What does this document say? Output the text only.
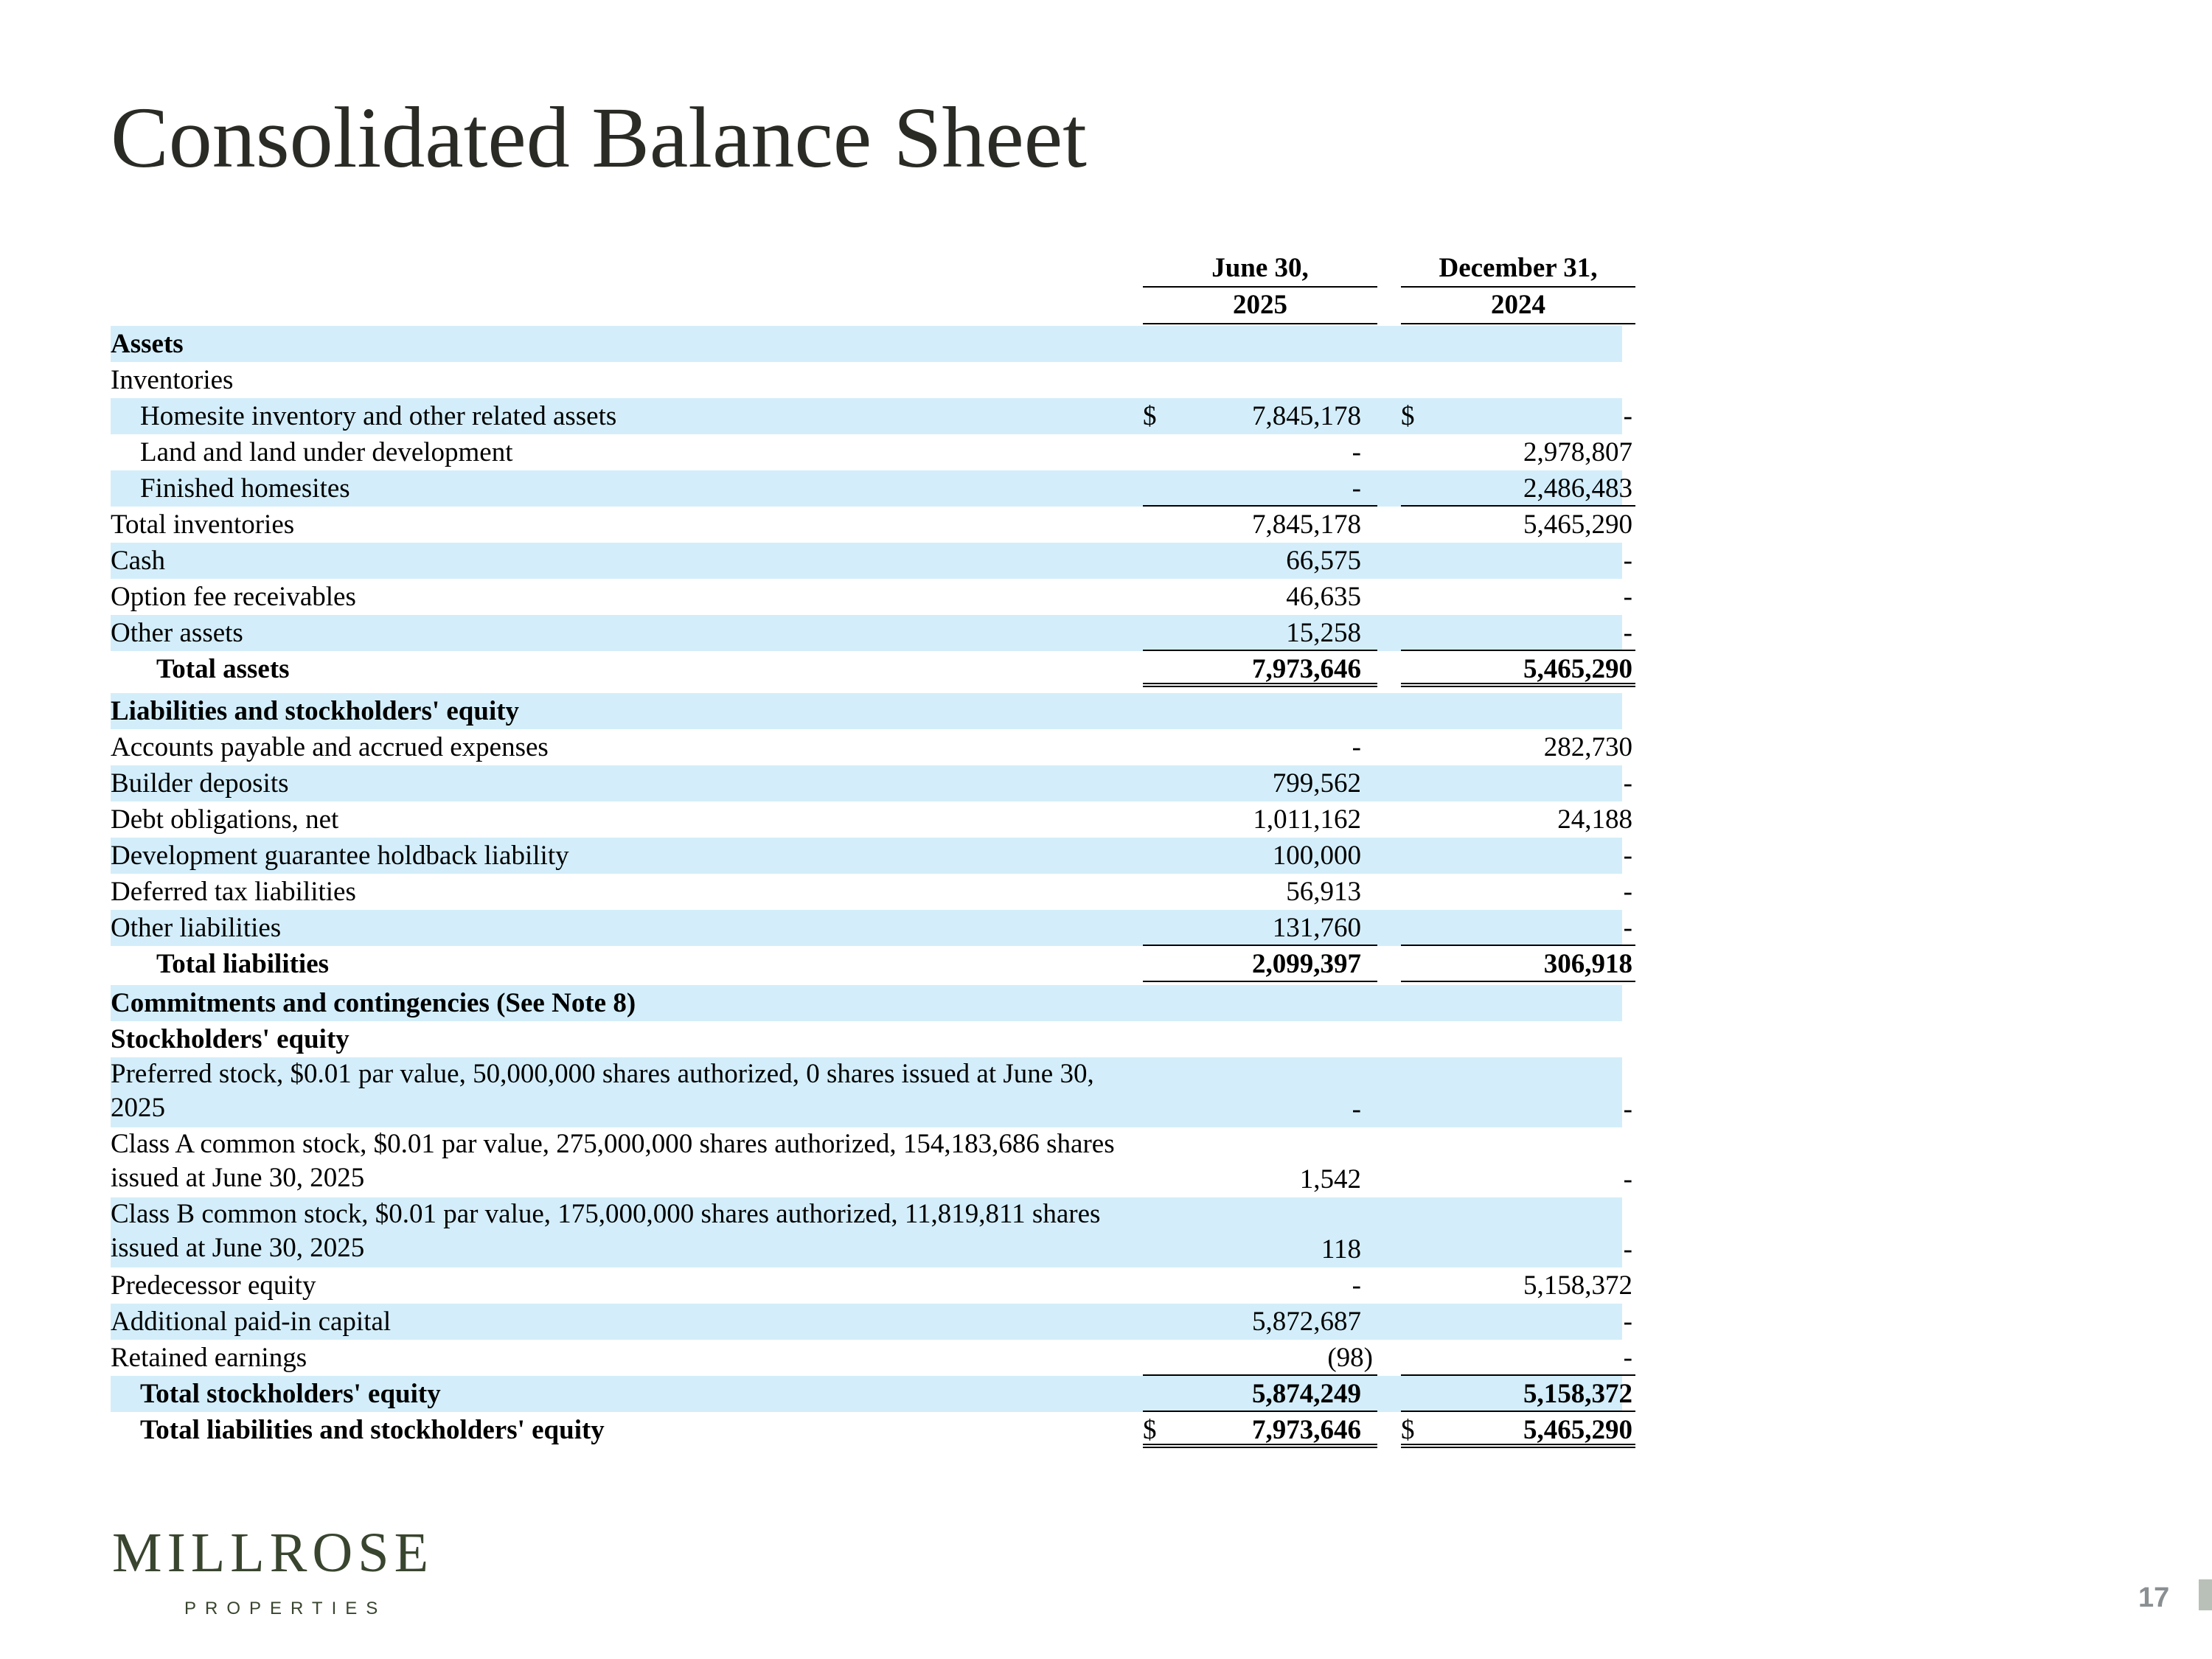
Consolidated Balance Sheet
June 30,
2025
December 31,
2024
Assets
Inventories
Homesite inventory and other related assets	$	7,845,178	$	-
Land and land under development	-	2,978,807
Finished homesites	-	2,486,483
Total inventories	7,845,178	5,465,290
Cash	66,575	-
Option fee receivables	46,635	-
Other assets	15,258	-
Total assets	7,973,646	5,465,290
Liabilities and stockholders' equity
Accounts payable and accrued expenses	-	282,730
Builder deposits	799,562	-
Debt obligations, net	1,011,162	24,188
Development guarantee holdback liability	100,000	-
Deferred tax liabilities	56,913	-
Other liabilities	131,760	-
Total liabilities	2,099,397	306,918
Commitments and contingencies (See Note 8)
Stockholders' equity
Preferred stock, $0.01 par value, 50,000,000 shares authorized, 0 shares issued at June 30, 2025	-	-
Class A common stock, $0.01 par value, 275,000,000 shares authorized, 154,183,686 shares issued at June 30, 2025	1,542	-
Class B common stock, $0.01 par value, 175,000,000 shares authorized, 11,819,811 shares issued at June 30, 2025	118	-
Predecessor equity	-	5,158,372
Additional paid-in capital	5,872,687	-
Retained earnings	(98)	-
Total stockholders' equity	5,874,249	5,158,372
Total liabilities and stockholders' equity	$	7,973,646	$	5,465,290
MILLROSE
PROPERTIES	17
